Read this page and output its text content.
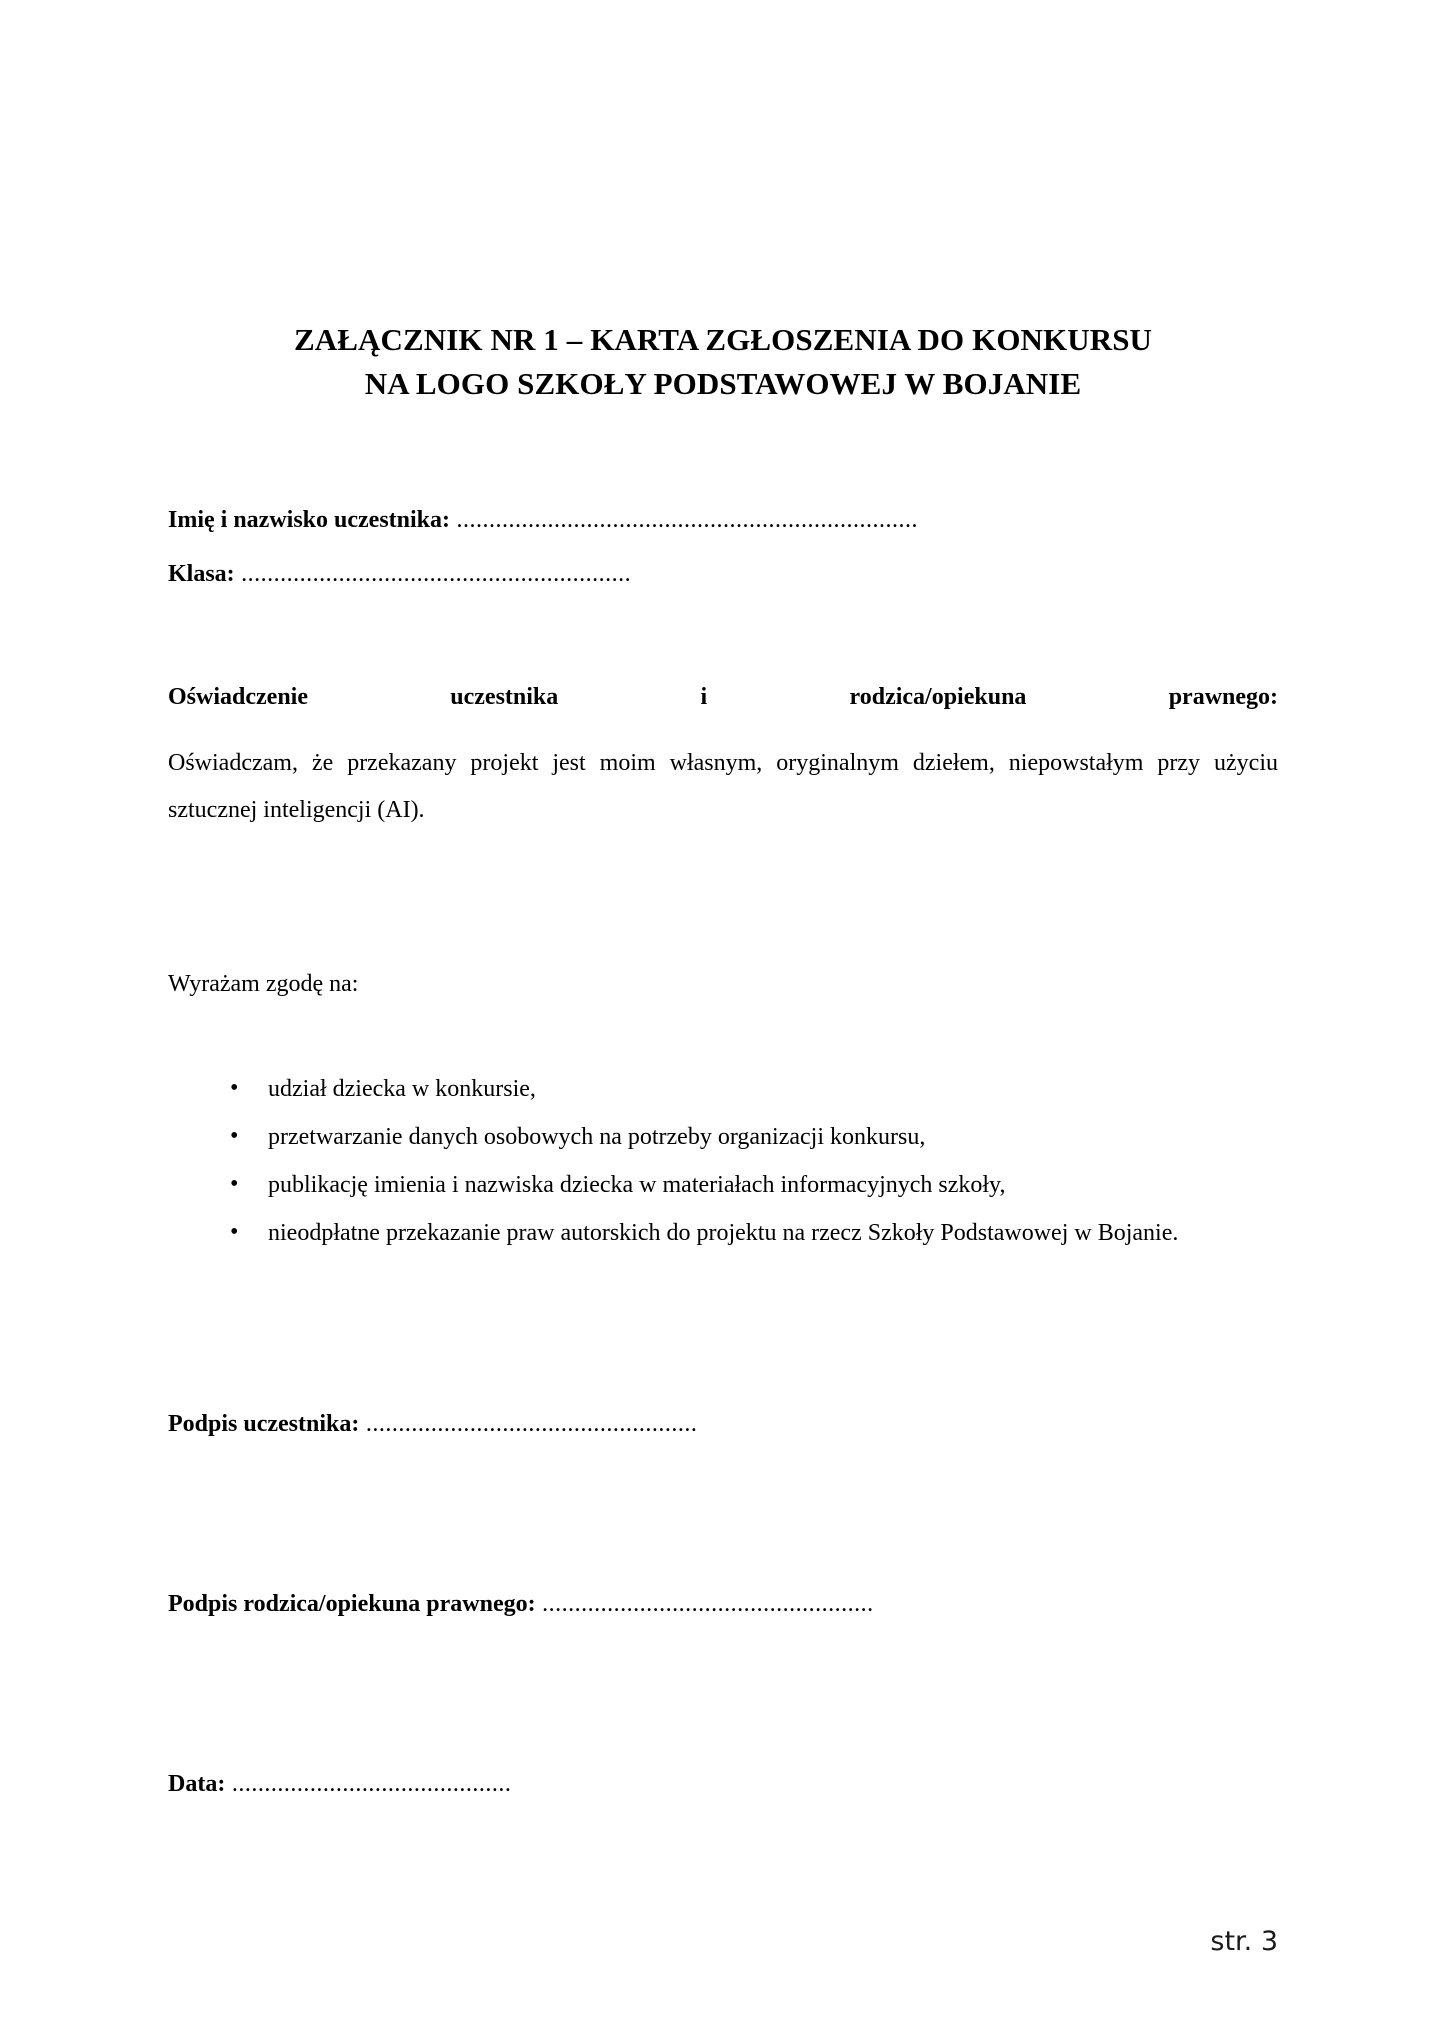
ZAŁĄCZNIK NR 1 – KARTA ZGŁOSZENIA DO KONKURSU
NA LOGO SZKOŁY PODSTAWOWEJ W BOJANIE

Imię i nazwisko uczestnika: .......................................................................

Klasa: ............................................................

Oświadczenie	uczestnika	i	rodzica/opiekuna	prawnego:

Oświadczam, że przekazany projekt jest moim własnym, oryginalnym dziełem, niepowstałym przy użyciu sztucznej inteligencji (AI).

Wyrażam zgodę na:

• udział dziecka w konkursie,
• przetwarzanie danych osobowych na potrzeby organizacji konkursu,
• publikację imienia i nazwiska dziecka w materiałach informacyjnych szkoły,
• nieodpłatne przekazanie praw autorskich do projektu na rzecz Szkoły Podstawowej w Bojanie.

Podpis uczestnika: ...................................................

Podpis rodzica/opiekuna prawnego: ...................................................

Data: ...........................................

str. 3
